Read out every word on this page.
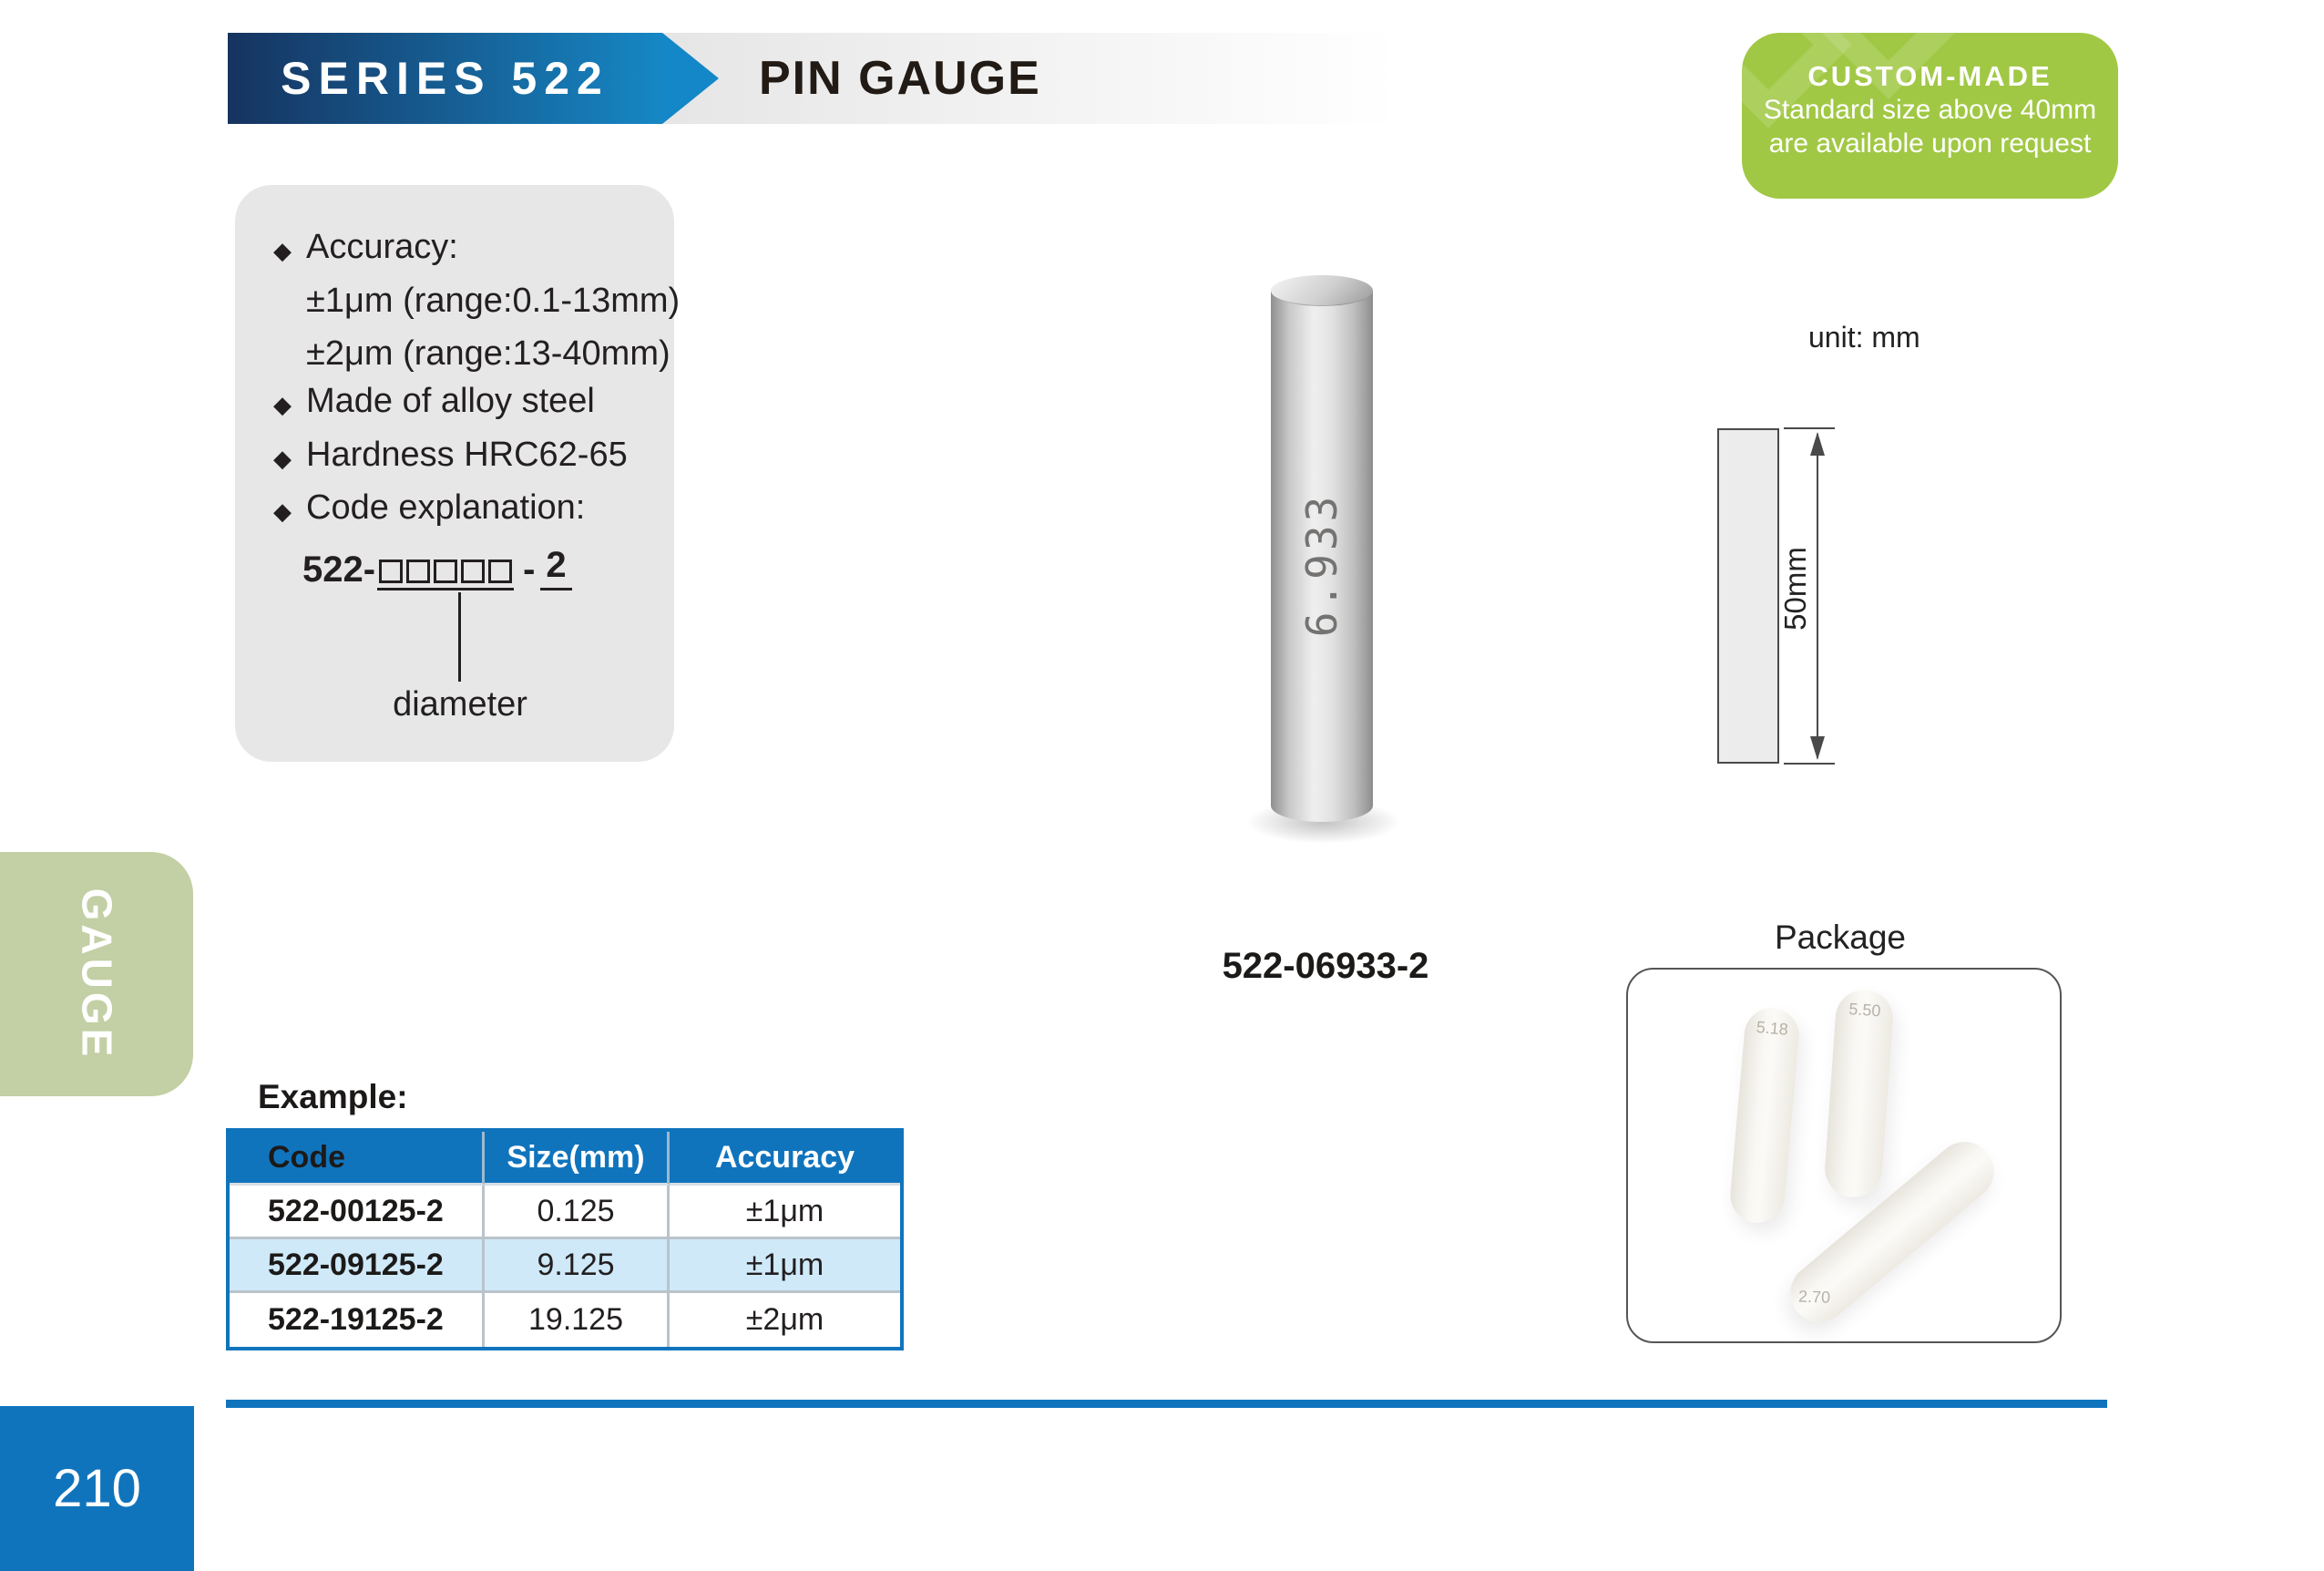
SERIES 522	PIN GAUGE	CUSTOM-MADE
Standard size above 40mm
are available upon request
◆ Accuracy:
±1μm (range:0.1-13mm)
±2μm (range:13-40mm)
◆ Made of alloy steel
◆ Hardness HRC62-65
◆ Code explanation:
522-	- 2
diameter
6.933
522-06933-2
unit: mm
50mm
Package
5.18
5.50
2.70
Example:
Code	Size(mm)	Accuracy
522-00125-2	0.125	±1μm
522-09125-2	9.125	±1μm
522-19125-2	19.125	±2μm
GAUGE
210
